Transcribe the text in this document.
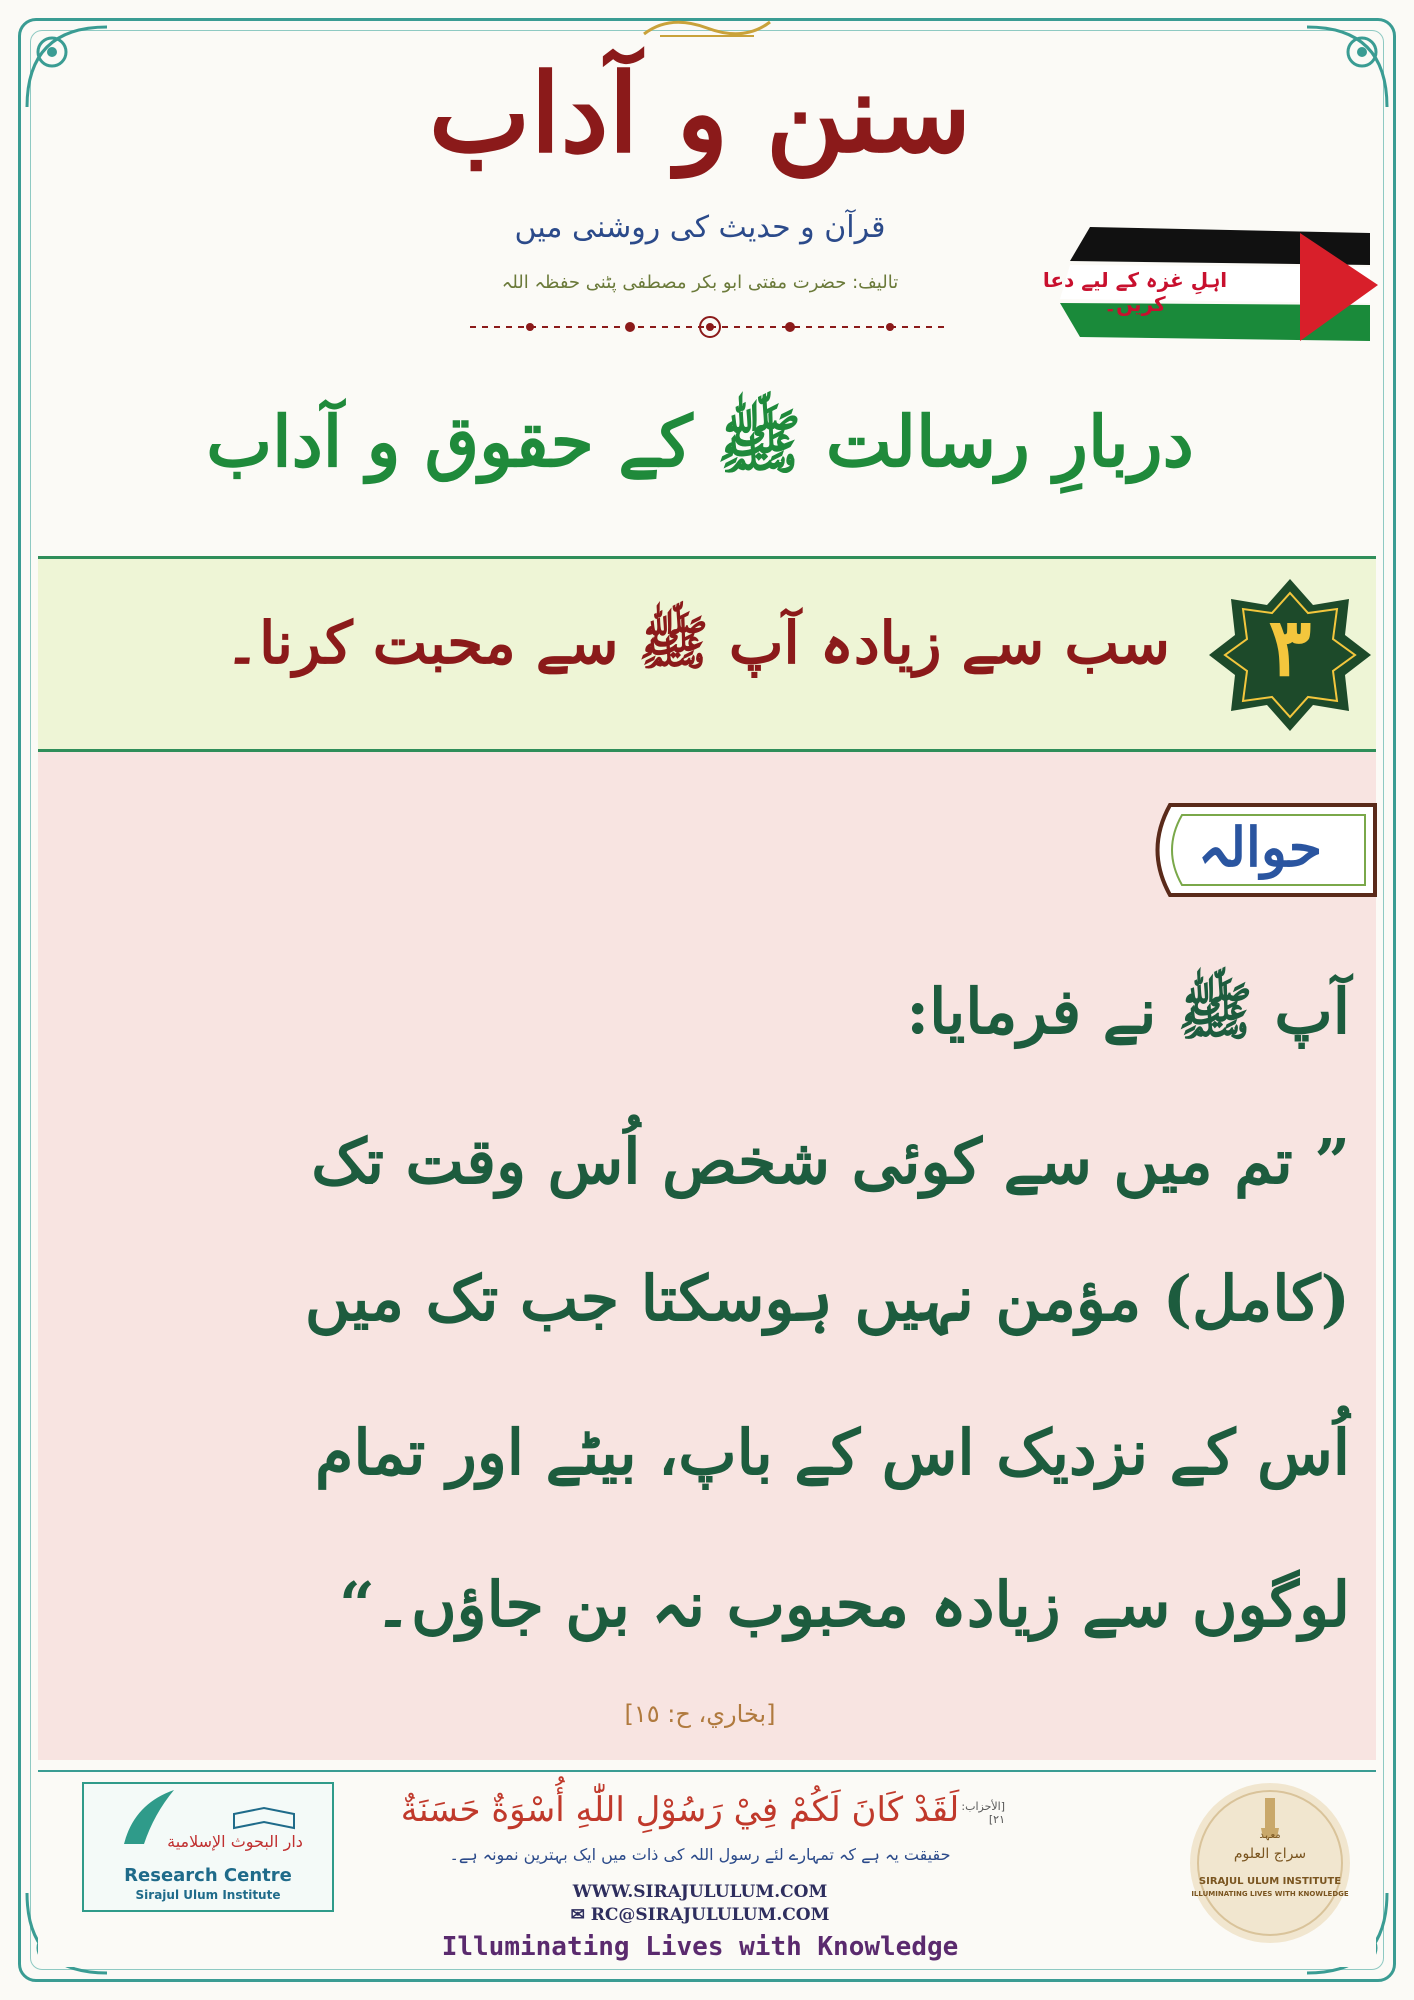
سنن و آداب
قرآن و حدیث کی روشنی میں
تالیف: حضرت مفتی ابو بکر مصطفی پٹنی حفظہ اللہ	اہلِ غزہ کے لیے دعا کریں۔
دربارِ رسالت ﷺ کے حقوق و آداب
۳
سب سے زیادہ آپ ﷺ سے محبت کرنا۔
حوالہ
آپ ﷺ نے فرمایا:
” تم میں سے کوئی شخص اُس وقت تک
(کامل) مؤمن نہیں ہوسکتا جب تک میں
اُس کے نزدیک اس کے باپ، بیٹے اور تمام
لوگوں سے زیادہ محبوب نہ بن جاؤں۔“
[بخاري، ح: ١٥]
دار البحوث الإسلامية
Research Centre
Sirajul Ulum Institute
لَقَدْ كَانَ لَكُمْ فِيْ رَسُوْلِ اللّٰهِ أُسْوَةٌ حَسَنَةٌ [الأحزاب: ٢١]
حقیقت یہ ہے کہ تمہارے لئے رسول اللہ کی ذات میں ایک بہترین نمونہ ہے۔
WWW.SIRAJULULUM.COM
✉ RC@SIRAJULULUM.COM
Illuminating Lives with Knowledge
معہد
سراج العلوم
SIRAJUL ULUM INSTITUTE
ILLUMINATING LIVES WITH KNOWLEDGE
